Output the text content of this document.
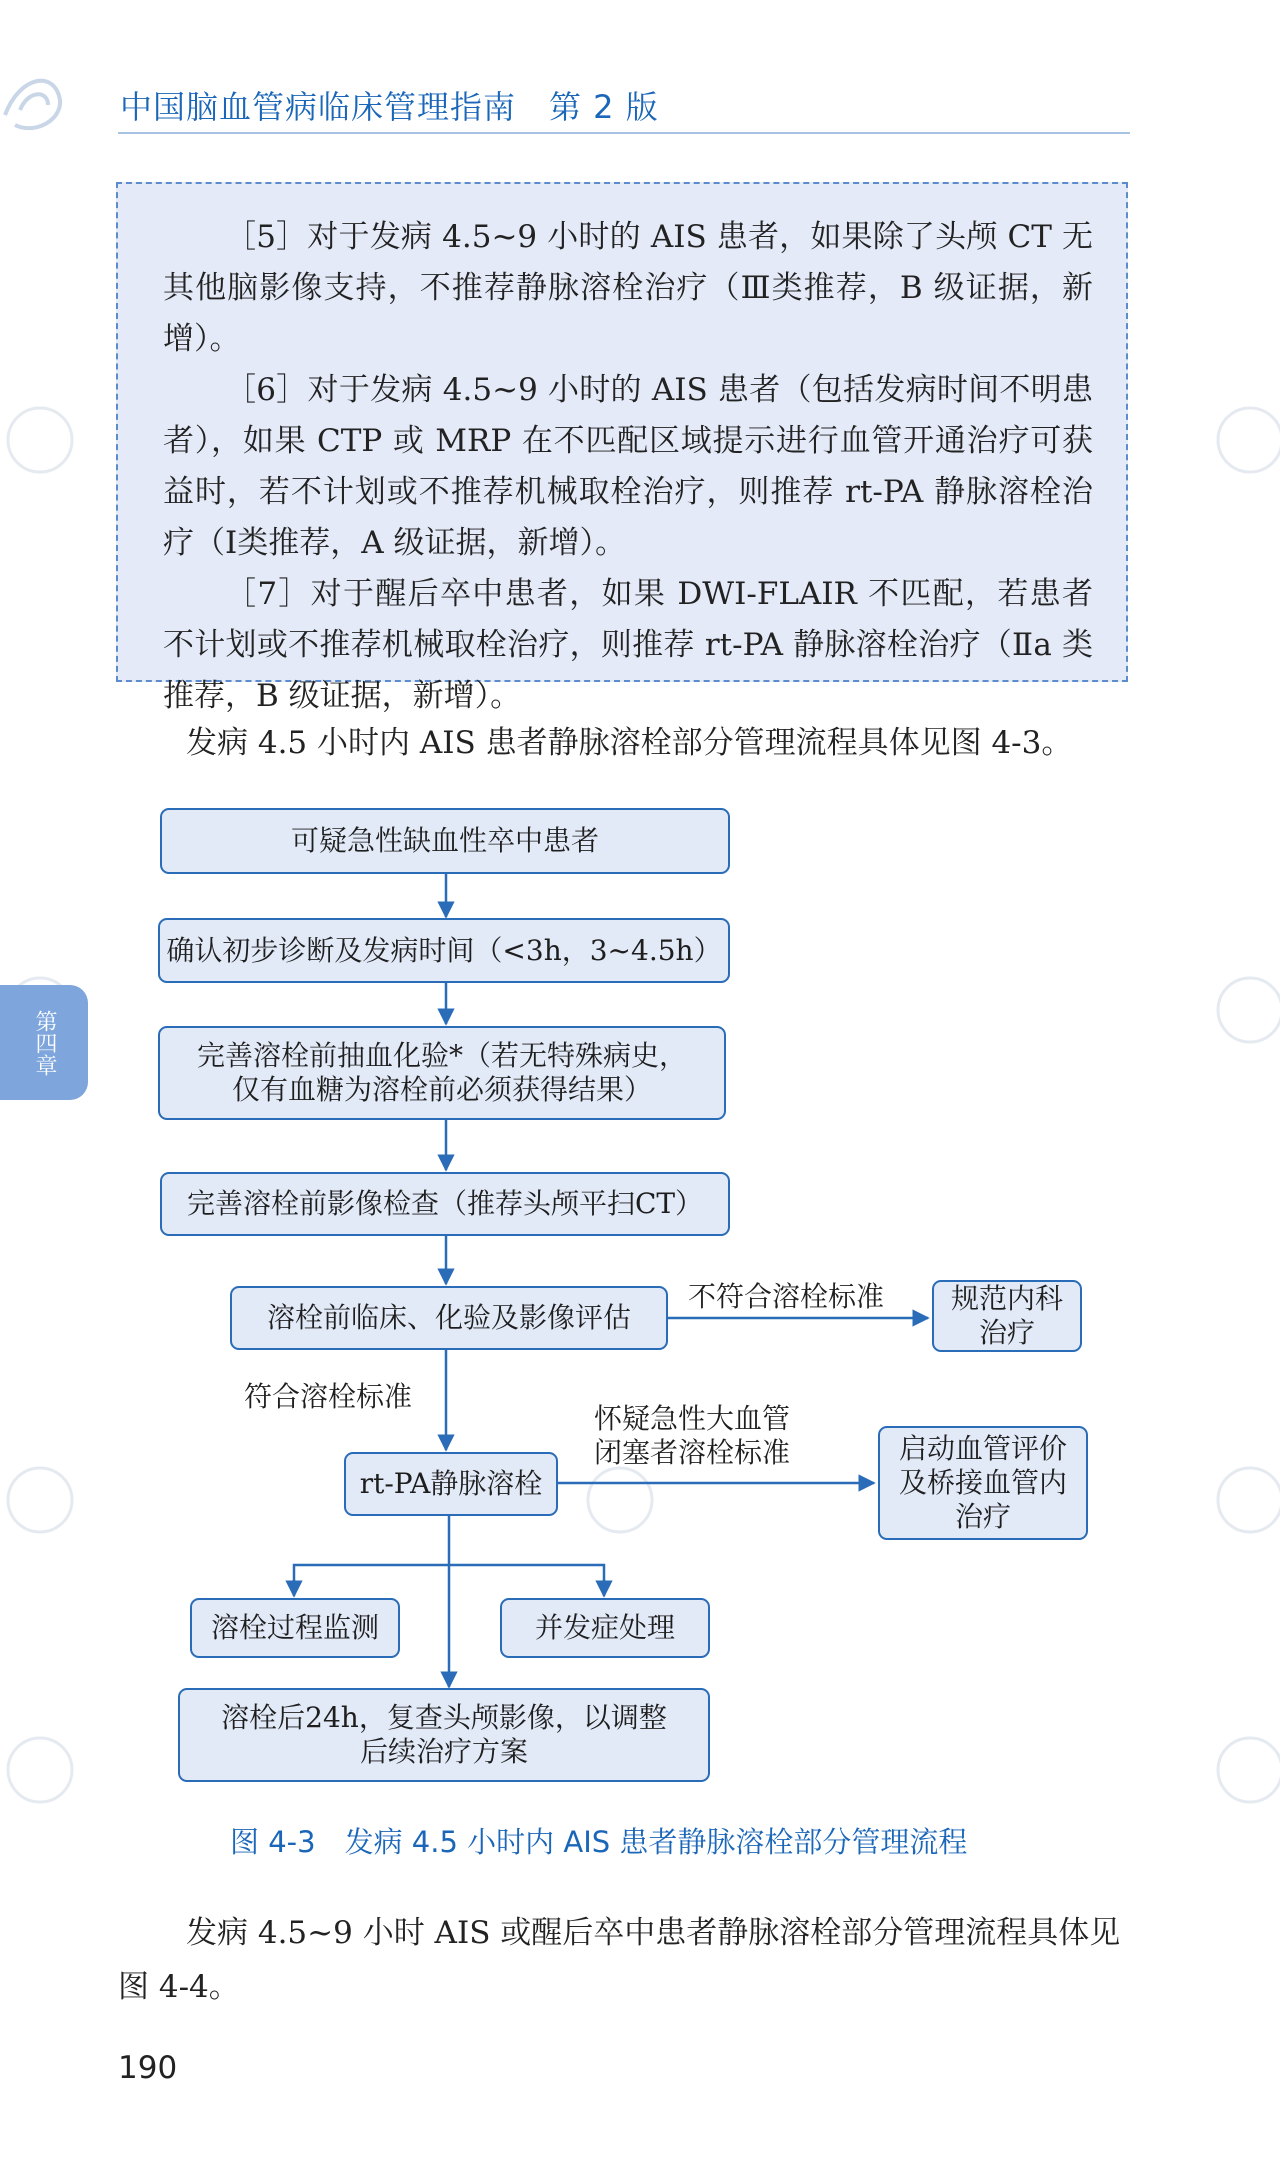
中国脑血管病临床管理指南　第 2 版

［5］对于发病 4.5~9 小时的 AIS 患者，如果除了头颅 CT 无其他脑影像支持，不推荐静脉溶栓治疗（Ⅲ类推荐，B 级证据，新增）。

［6］对于发病 4.5~9 小时的 AIS 患者（包括发病时间不明患者），如果 CTP 或 MRP 在不匹配区域提示进行血管开通治疗可获益时，若不计划或不推荐机械取栓治疗，则推荐 rt-PA 静脉溶栓治疗（Ⅰ类推荐，A 级证据，新增）。

［7］对于醒后卒中患者，如果 DWI-FLAIR 不匹配，若患者不计划或不推荐机械取栓治疗，则推荐 rt-PA 静脉溶栓治疗（Ⅱa 类推荐，B 级证据，新增）。

发病 4.5 小时内 AIS 患者静脉溶栓部分管理流程具体见图 4-3。

可疑急性缺血性卒中患者
确认初步诊断及发病时间（<3h，3~4.5h）
完善溶栓前抽血化验*（若无特殊病史，
仅有血糖为溶栓前必须获得结果）
完善溶栓前影像检查（推荐头颅平扫CT）
溶栓前临床、化验及影像评估
不符合溶栓标准 规范内科
治疗
符合溶栓标准
rt-PA静脉溶栓
怀疑急性大血管
闭塞者溶栓标准	启动血管评价
及桥接血管内
治疗
溶栓过程监测	并发症处理
溶栓后24h，复查头颅影像，以调整
后续治疗方案
图 4-3　发病 4.5 小时内 AIS 患者静脉溶栓部分管理流程

发病 4.5~9 小时 AIS 或醒后卒中患者静脉溶栓部分管理流程具体见图 4-4。

第四章
190
